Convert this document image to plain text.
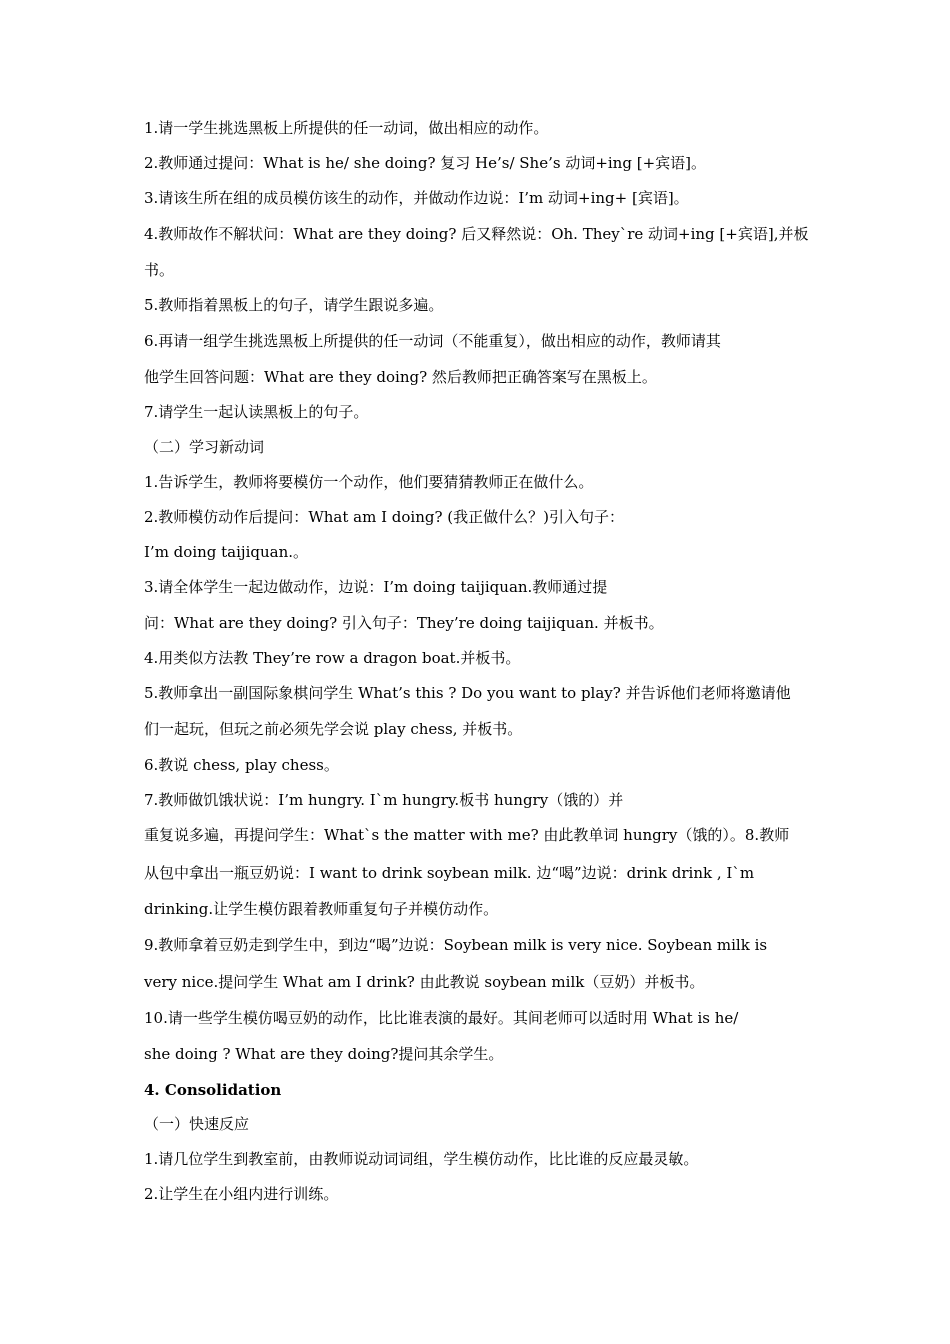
1.请一学生挑选黑板上所提供的任一动词，做出相应的动作。
2.教师通过提问：What is he/ she doing? 复习 He’s/ She’s 动词+ing [+宾语]。
3.请该生所在组的成员模仿该生的动作，并做动作边说：I’m 动词+ing+ [宾语]。
4.教师故作不解状问：What are they doing? 后又释然说：Oh. They`re 动词+ing [+宾语],并板
书。
5.教师指着黑板上的句子，请学生跟说多遍。
6.再请一组学生挑选黑板上所提供的任一动词（不能重复），做出相应的动作，教师请其
他学生回答问题：What are they doing? 然后教师把正确答案写在黑板上。
7.请学生一起认读黑板上的句子。
（二）学习新动词
1.告诉学生，教师将要模仿一个动作，他们要猜猜教师正在做什么。
2.教师模仿动作后提问：What am I doing? (我正做什么？)引入句子：
I’m doing taijiquan.。
3.请全体学生一起边做动作，边说：I’m doing taijiquan.教师通过提
问：What are they doing? 引入句子：They’re doing taijiquan. 并板书。
4.用类似方法教 They’re row a dragon boat.并板书。
5.教师拿出一副国际象棋问学生 What’s this ? Do you want to play? 并告诉他们老师将邀请他
们一起玩，但玩之前必须先学会说 play chess, 并板书。
6.教说 chess, play chess。
7.教师做饥饿状说：I’m hungry. I`m hungry.板书 hungry（饿的）并
重复说多遍，再提问学生：What`s the matter with me? 由此教单词 hungry（饿的）。8.教师
从包中拿出一瓶豆奶说：I want to drink soybean milk. 边“喝”边说：drink drink , I`m
drinking.让学生模仿跟着教师重复句子并模仿动作。
9.教师拿着豆奶走到学生中，到边“喝”边说：Soybean milk is very nice. Soybean milk is
very nice.提问学生 What am I drink? 由此教说 soybean milk（豆奶）并板书。
10.请一些学生模仿喝豆奶的动作，比比谁表演的最好。其间老师可以适时用 What is he/
she doing ? What are they doing?提问其余学生。
4. Consolidation
（一）快速反应
1.请几位学生到教室前，由教师说动词词组，学生模仿动作，比比谁的反应最灵敏。
2.让学生在小组内进行训练。
